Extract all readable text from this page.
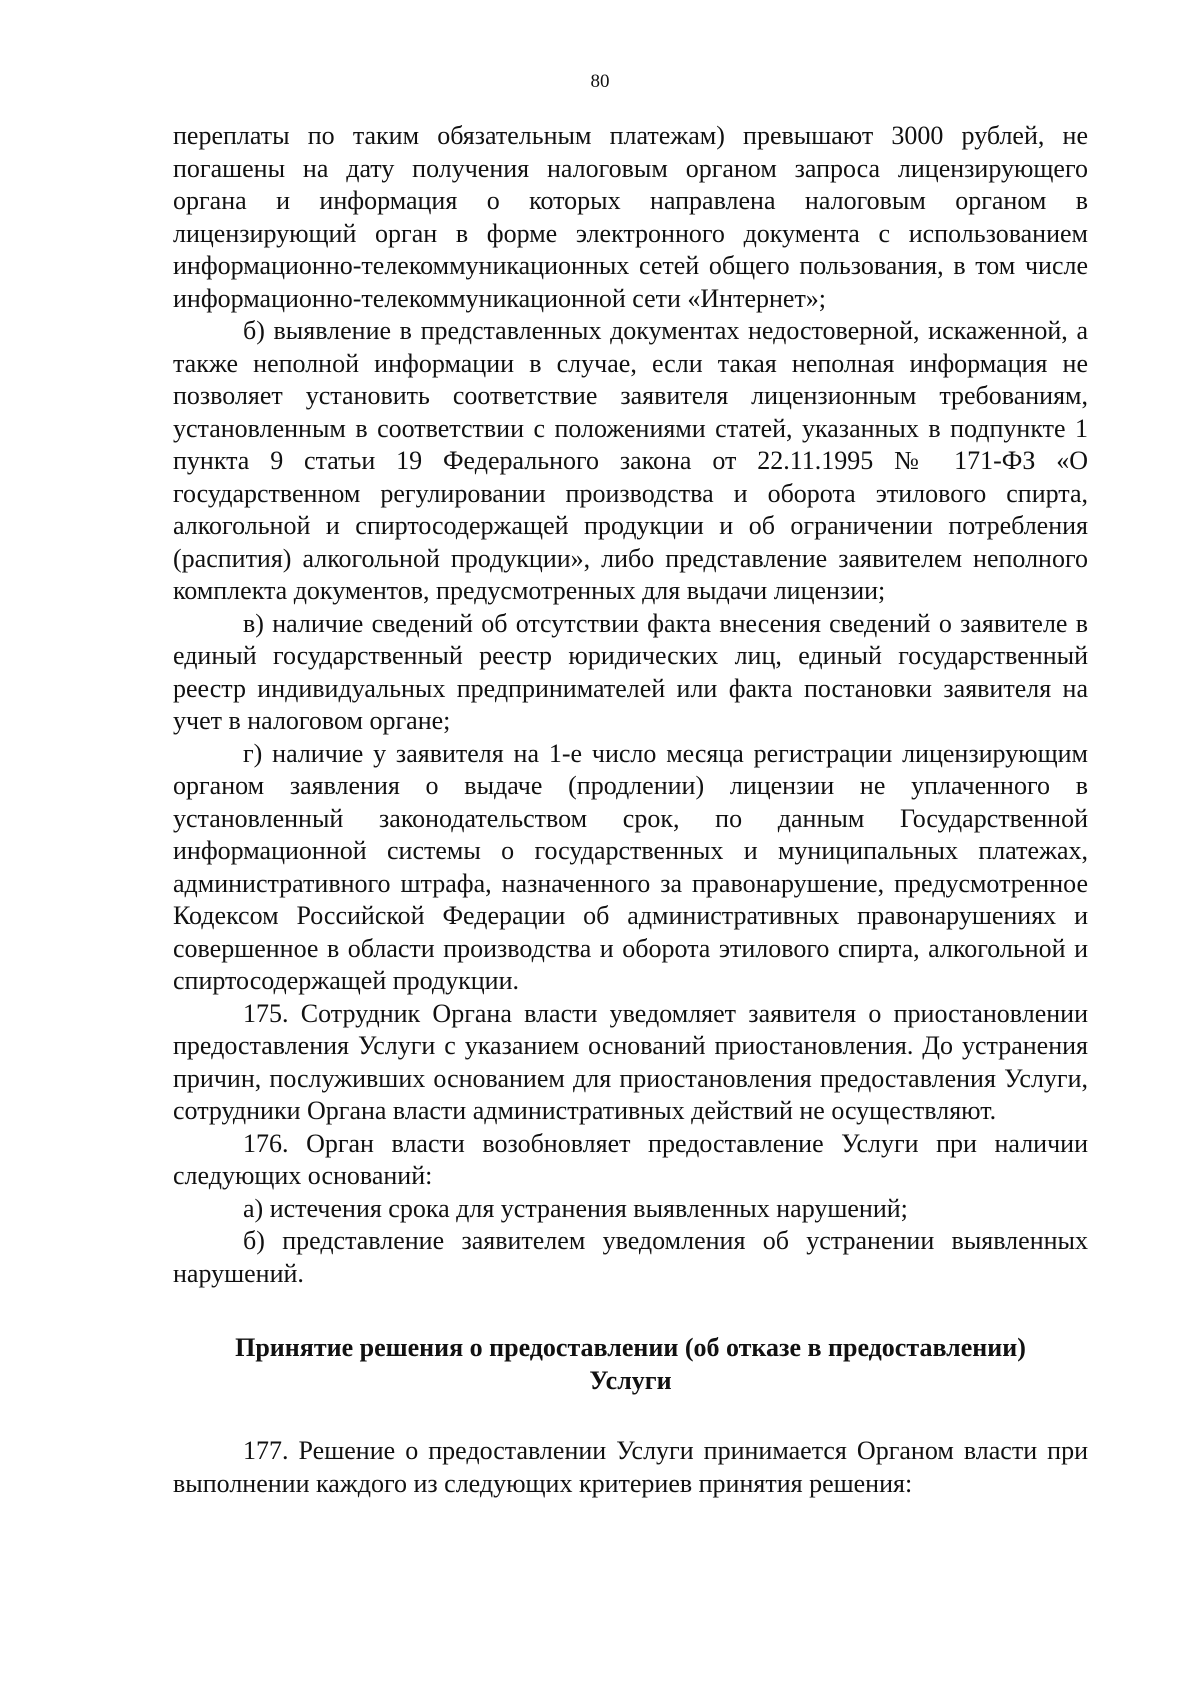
80

переплаты по таким обязательным платежам) превышают 3000 рублей, не погашены на дату получения налоговым органом запроса лицензирующего органа и информация о которых направлена налоговым органом в лицензирующий орган в форме электронного документа с использованием информационно-телекоммуникационных сетей общего пользования, в том числе информационно-телекоммуникационной сети «Интернет»;

б) выявление в представленных документах недостоверной, искаженной, а также неполной информации в случае, если такая неполная информация не позволяет установить соответствие заявителя лицензионным требованиям, установленным в соответствии с положениями статей, указанных в подпункте 1 пункта 9 статьи 19 Федерального закона от 22.11.1995 № 171-ФЗ «О государственном регулировании производства и оборота этилового спирта, алкогольной и спиртосодержащей продукции и об ограничении потребления (распития) алкогольной продукции», либо представление заявителем неполного комплекта документов, предусмотренных для выдачи лицензии;

в) наличие сведений об отсутствии факта внесения сведений о заявителе в единый государственный реестр юридических лиц, единый государственный реестр индивидуальных предпринимателей или факта постановки заявителя на учет в налоговом органе;

г) наличие у заявителя на 1-е число месяца регистрации лицензирующим органом заявления о выдаче (продлении) лицензии не уплаченного в установленный законодательством срок, по данным Государственной информационной системы о государственных и муниципальных платежах, административного штрафа, назначенного за правонарушение, предусмотренное Кодексом Российской Федерации об административных правонарушениях и совершенное в области производства и оборота этилового спирта, алкогольной и спиртосодержащей продукции.

175. Сотрудник Органа власти уведомляет заявителя о приостановлении предоставления Услуги с указанием оснований приостановления. До устранения причин, послуживших основанием для приостановления предоставления Услуги, сотрудники Органа власти административных действий не осуществляют.

176. Орган власти возобновляет предоставление Услуги при наличии следующих оснований:

а) истечения срока для устранения выявленных нарушений;

б) представление заявителем уведомления об устранении выявленных нарушений.

Принятие решения о предоставлении (об отказе в предоставлении)
Услуги

177. Решение о предоставлении Услуги принимается Органом власти при выполнении каждого из следующих критериев принятия решения:
